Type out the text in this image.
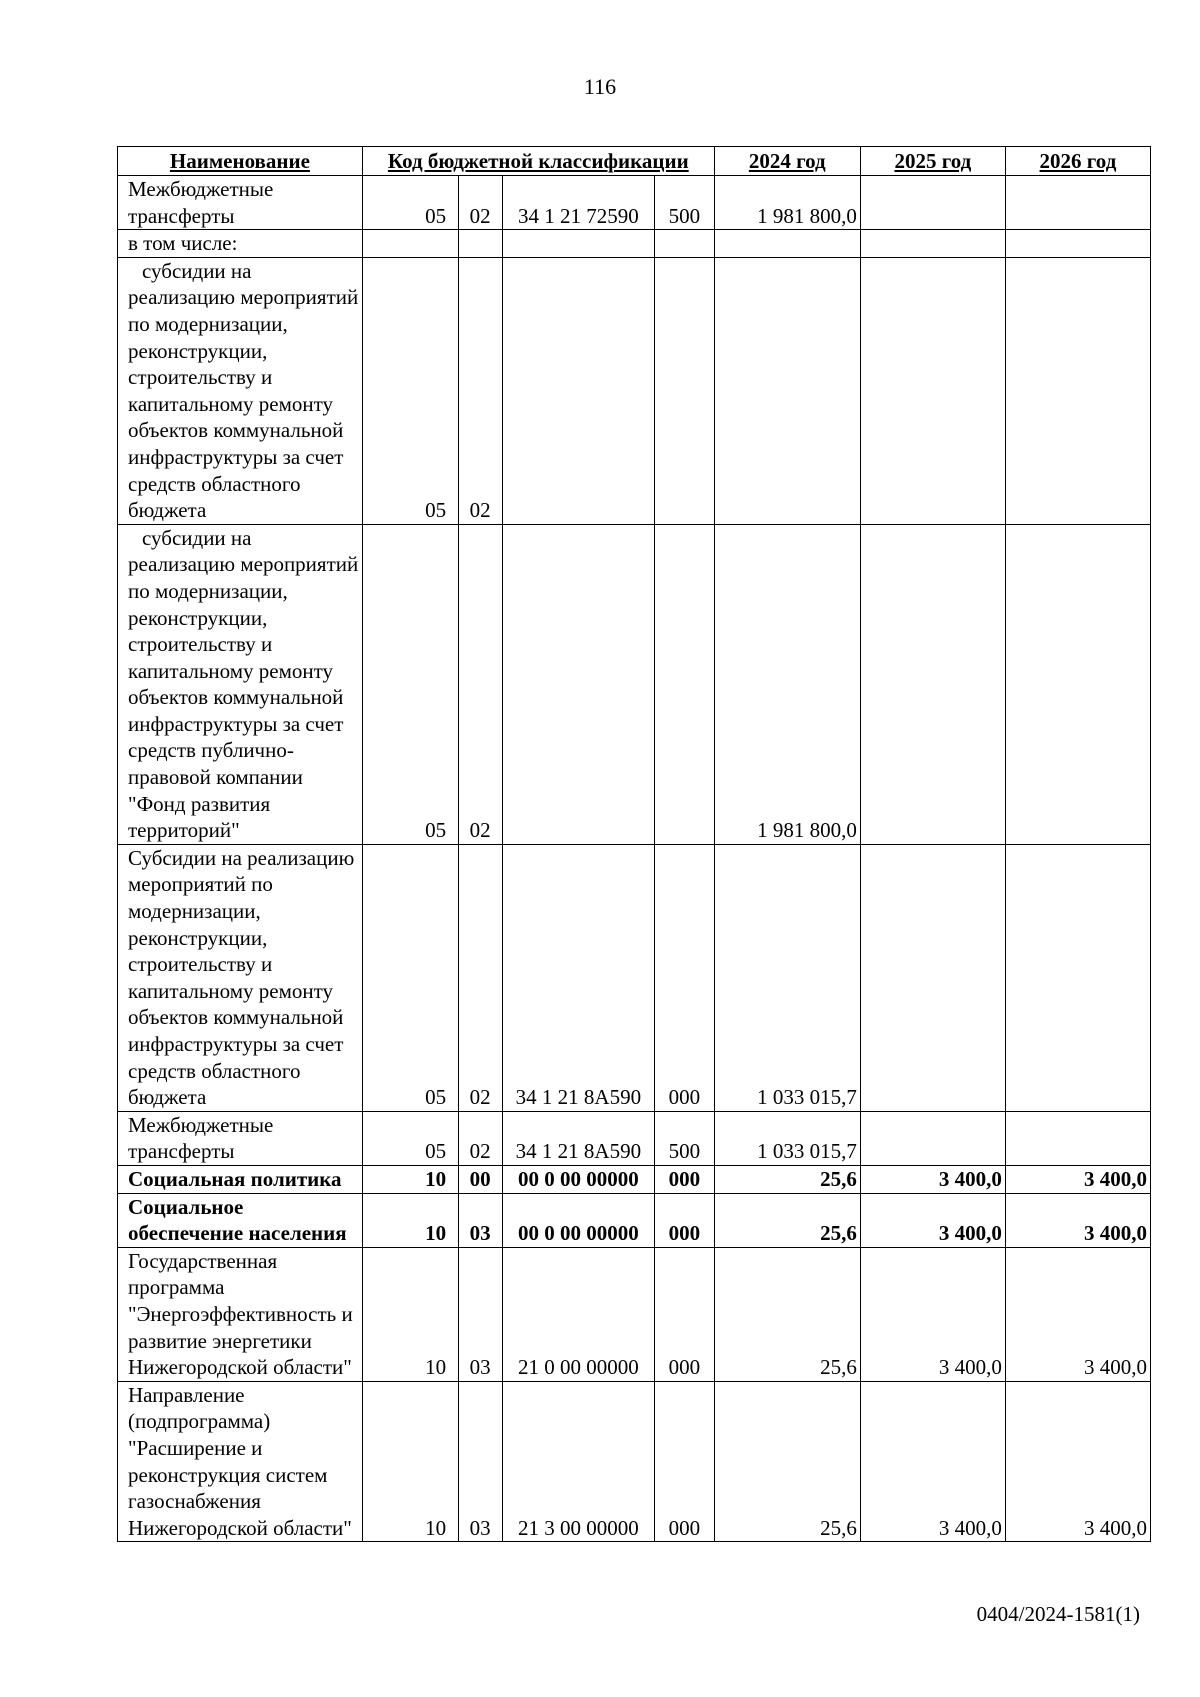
116
Наименование	Код бюджетной классификации					2024 год	2025 год	2026 год
Межбюджетные трансферты		05	02	34 1 21 72590	500	1 981 800,0		
в том числе:								
субсидии на реализацию мероприятий по модернизации, реконструкции, строительству и капитальному ремонту объектов коммунальной инфраструктуры за счет средств областного бюджета		05	02					
субсидии на реализацию мероприятий по модернизации, реконструкции, строительству и капитальному ремонту объектов коммунальной инфраструктуры за счет средств публично-правовой компании "Фонд развития территорий"		05	02			1 981 800,0		
Субсидии на реализацию мероприятий по модернизации, реконструкции, строительству и капитальному ремонту объектов коммунальной инфраструктуры за счет средств областного бюджета		05	02	34 1 21 8А590	000	1 033 015,7		
Межбюджетные трансферты		05	02	34 1 21 8А590	500	1 033 015,7		
Социальная политика		10	00	00 0 00 00000	000	25,6	3 400,0	3 400,0
Социальное обеспечение населения		10	03	00 0 00 00000	000	25,6	3 400,0	3 400,0
Государственная программа "Энергоэффективность и развитие энергетики Нижегородской области"		10	03	21 0 00 00000	000	25,6	3 400,0	3 400,0
Направление (подпрограмма) "Расширение и реконструкция систем газоснабжения Нижегородской области"		10	03	21 3 00 00000	000	25,6	3 400,0	3 400,0
0404/2024-1581(1)
